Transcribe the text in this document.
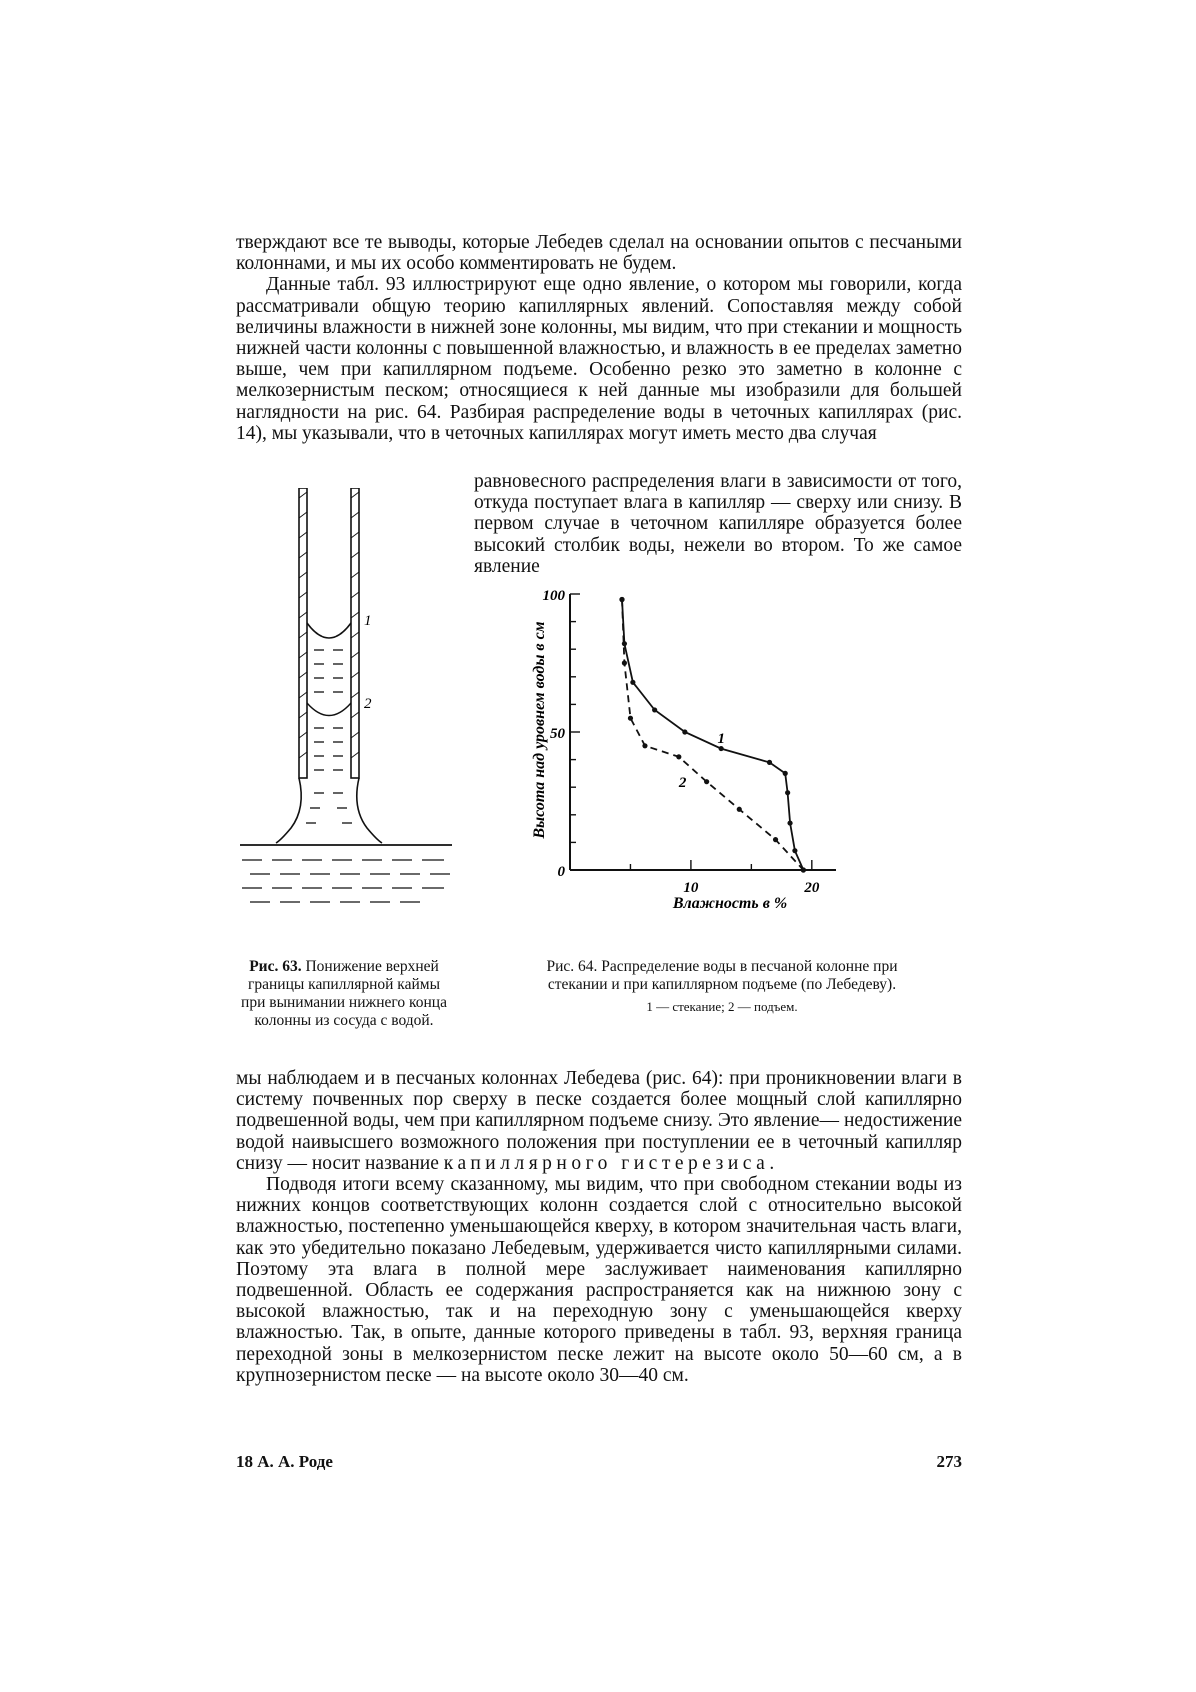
тверждают все те выводы, которые Лебедев сделал на основании опытов с песчаными колоннами, и мы их особо комментировать не будем.

Данные табл. 93 иллюстрируют еще одно явление, о котором мы говорили, когда рассматривали общую теорию капиллярных явлений. Сопоставляя между собой величины влажности в нижней зоне колонны, мы видим, что при стекании и мощность нижней части колонны с повышенной влажностью, и влажность в ее пределах заметно выше, чем при капиллярном подъеме. Особенно резко это заметно в колонне с мелкозернистым песком; относящиеся к ней данные мы изобразили для большей наглядности на рис. 64. Разбирая распределение воды в четочных капиллярах (рис. 14), мы указывали, что в четочных капиллярах могут иметь место два случая

1
2

равновесного распределения влаги в зависимости от того, откуда поступает влага в капилляр — сверху или снизу. В первом случае в четочном капилляре образуется более высокий столбик воды, нежели во втором. То же самое явление

0
50
100
10	20
1
2
Высота над уровнем воды в см
Влажность в %
Рис. 63. Понижение верхней границы капиллярной каймы при вынимании нижнего конца колонны из сосуда с водой.
Рис. 64. Распределение воды в песчаной колонне при стекании и при капиллярном подъеме (по Лебедеву).
1 — стекание; 2 — подъем.

мы наблюдаем и в песчаных колоннах Лебедева (рис. 64): при проникновении влаги в систему почвенных пор сверху в песке создается более мощный слой капиллярно подвешенной воды, чем при капиллярном подъеме снизу. Это явление— недостижение водой наивысшего возможного положения при поступлении ее в четочный капилляр снизу — носит название капиллярного гистерезиса.

Подводя итоги всему сказанному, мы видим, что при свободном стекании воды из нижних концов соответствующих колонн создается слой с относительно высокой влажностью, постепенно уменьшающейся кверху, в котором значительная часть влаги, как это убедительно показано Лебедевым, удерживается чисто капиллярными силами. Поэтому эта влага в полной мере заслуживает наименования капиллярно подвешенной. Область ее содержания распространяется как на нижнюю зону с высокой влажностью, так и на переходную зону с уменьшающейся кверху влажностью. Так, в опыте, данные которого приведены в табл. 93, верхняя граница переходной зоны в мелкозернистом песке лежит на высоте около 50—60 см, а в крупнозернистом песке — на высоте около 30—40 см.

18 А. А. Роде	273
